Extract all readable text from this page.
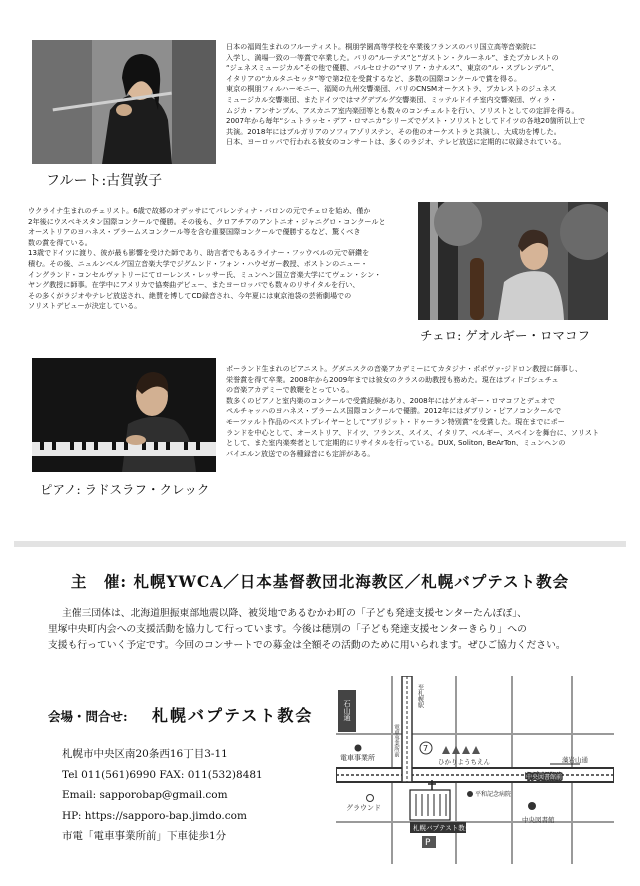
フルート:古賀敦子
日本の福岡生まれのフルーティスト。桐朋学園高等学校を卒業後フランスのパリ国立高等音楽院に
入学し、満場一致の一等賞で卒業した。パリの“ルーテス”と“ガストン・クルーネル”、またブカレストの
“ジェネスミュージカル”その他で優勝、バルセロナの“マリア・カナルス”、東京の“ル・スプレンデル”、
イタリアの“カルタニセッタ”等で第2位を受賞するなど、多数の国際コンクールで賞を得る。
東京の桐朋フィルハーモニー、福岡の九州交響楽団、パリのCNSMオーケストラ、ブカレストのジュネス
ミュージカル交響楽団、またドイツではマグデブルグ交響楽団、ミッテルドイチ室内交響楽団、ヴィラ・
ムジカ・アンサンブル、アスカニア室内楽団等とも数々のコンチェルトを行い、ソリストとしての定評を得る。
2007年から毎年“シュトラッセ・デア・ロマニカ”シリーズでゲスト・ソリストとしてドイツの各地20箇所以上で
共演。2018年にはブルガリアのソフィアゾリステン、その他のオーケストラと共演し、大成功を博した。
日本、ヨーロッパで行われる彼女のコンサートは、多くのラジオ、テレビ放送に定期的に収録されている。
ウクライナ生まれのチェリスト。6歳で故郷のオデッサにてバレンティナ・バロンの元でチェロを始め、僅か
2年後にウスベキスタン国際コンクールで優勝。その後も、クロアチアのアントニオ・ジャニグロ・コンクールと
オーストリアのヨハネス・ブラームスコンクール等を含む重要国際コンクールで優勝するなど、驚くべき
数の賞を得ている。
13歳でドイツに渡り、彼が最も影響を受けた師であり、助言者でもあるライナー・フッウベルの元で研鑽を
積む。その後、ニュルンベルグ国立音楽大学でジグムンド・フォン・ハウゼガー教授、ボストンのニュー・
イングランド・コンセルヴァトリーにてローレンス・レッサー氏、ミュンヘン国立音楽大学にてヴェン・シン・
ヤング教授に師事。在学中にアメリカで協奏曲デビュー、またヨーロッパでも数々のリサイタルを行い、
その多くがラジオやテレビ放送され、絶賛を博してCD録音され、今年夏には東京池袋の芸術劇場での
ソリストデビューが決定している。
チェロ: ゲオルギー・ロマコフ
ピアノ: ラドスラフ・クレック
ポーランド生まれのピアニスト。グダニスクの音楽アカデミーにてカタジナ・ポポヴァ-ジドロン教授に師事し、
栄誉賞を得て卒業。2008年から2009年までは彼女のクラスの助教授も務めた。現在はブィドゴシュチュ
の音楽アカデミーで教鞭をとっている。
数多くのピアノと室内楽のコンクールで受賞経験があり、2008年にはゲオルギー・ロマコフとデュオで
ペルチャッハのヨハネス・ブラームス国際コンクールで優勝。2012年にはダブリン・ピアノコンクールで
モーツァルト作品のベストプレイヤーとして“ブリジット・ドゥーラン特別賞”を受賞した。現在までにポー
ランドを中心として、オーストリア、ドイツ、フランス、スイス、イタリア、ベルギー、スペインを舞台に、ソリスト
として、また室内楽奏者として定期的にリサイタルを行っている。DUX, Soliton, BeArTon、ミュンヘンの
バイエルン放送での各種録音にも定評がある。
主　催: 札幌YWCA／日本基督教団北海教区／札幌バプテスト教会
主催三団体は、北海道胆振東部地震以降、被災地であるむかわ町の「子ども発達支援センターたんぽぽ」、
里塚中央町内会への支援活動を協力して行っています。今後は穂別の「子ども発達支援センターきらり」への
支援も行っていく予定です。今回のコンサートでの募金は全額その活動のために用いられます。ぜひご協力ください。
会場・問合せ: 札幌バプテスト教会
札幌市中央区南20条西16丁目3-11
Tel 011(561)6990 FAX: 011(532)8481
Email: sapporobap@gmail.com
HP: https://sapporo-bap.jimdo.com
市電「電車事業所前」下車徒歩1分
石山通
至札幌駅
電車事業所前
電車事業所
グラウンド
7
ひかりようちえん	藻岩山通
中央図書館前
札幌バプテスト教会
P
平和記念病院
中央図書館
